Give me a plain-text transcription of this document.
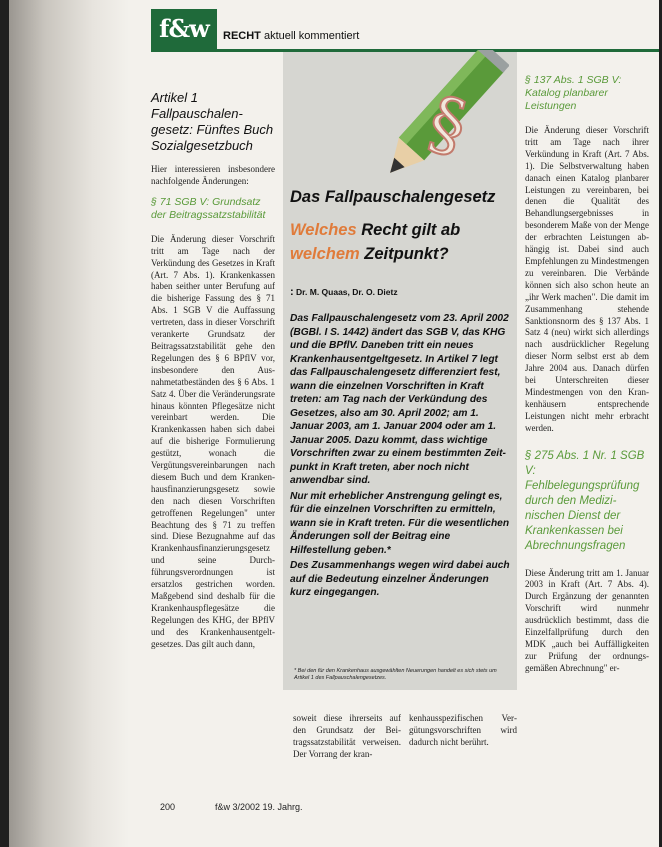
f&w	RECHT aktuell kommentiert
Artikel 1 Fallpauschalengesetz: Fünftes Buch Sozialgesetzbuch

Hier interessieren insbesondere nachfolgende Änderungen:

§ 71 SGB V: Grundsatz der Beitragssatzstabilität

Die Änderung dieser Vorschrift tritt am Tage nach der Verkündung des Gesetzes in Kraft (Art. 7 Abs. 1). Krankenkassen haben seither unter Berufung auf die bisherige Fassung des § 71 Abs. 1 SGB V die Auffassung vertreten, dass in dieser Vorschrift verankerte Grundsatz der Beitragssatzstabilität gehe den Regelungen des § 6 BPflV vor, insbesondere den Ausnahmetatbeständen des § 6 Abs. 1 Satz 4. Über die Veränderungsrate hinaus könnten Pflegesätze nicht vereinbart werden. Die Krankenkassen haben sich dabei auf die bisherige Formulierung gestützt, wonach die Vergütungsvereinbarungen nach diesem Buch und dem Krankenhausfinanzierungsgesetz sowie den nach diesen Vorschriften getroffenen Regelungen" unter Beachtung des § 71 zu treffen sind. Diese Bezugnahme auf das Krankenhausfinanzierungsgesetz und seine Durchführungsverordnungen ist ersatzlos gestrichen worden. Maßgebend sind deshalb für die Krankenhauspflegesätze die Regelungen des KHG, der BPflV und des Krankenhausentgeltgesetzes. Das gilt auch dann,

§
Das Fallpauschalengesetz
Welches Recht gilt ab
welchem Zeitpunkt?
: Dr. M. Quaas, Dr. O. Dietz

Das Fallpauschalengesetz vom 23. April 2002 (BGBl. I S. 1442) ändert das SGB V, das KHG und die BPflV. Daneben tritt ein neues Krankenhausentgeltgesetz. In Artikel 7 legt das Fallpauschalengesetz differenziert fest, wann die einzelnen Vorschriften in Kraft treten: am Tag nach der Verkündung des Gesetzes, also am 30. April 2002; am 1. Januar 2003, am 1. Januar 2004 oder am 1. Januar 2005. Dazu kommt, dass wichtige Vorschriften zwar zu einem bestimmten Zeitpunkt in Kraft treten, aber noch nicht anwendbar sind.

Nur mit erheblicher Anstrengung gelingt es, für die einzelnen Vorschriften zu ermitteln, wann sie in Kraft treten. Für die wesentlichen Änderungen soll der Beitrag eine Hilfestellung geben.*

Des Zusammenhangs wegen wird dabei auch auf die Bedeutung einzelner Änderungen kurz eingegangen.

* Bei den für den Krankenhaus ausgewählten Neuerungen handelt es sich stets um Artikel 1 des Fallpauschalengesetzes.

soweit diese ihrerseits auf den Grundsatz der Beitragssatzstabilität verweisen. Der Vorrang der kran-

kenhausspezifischen Vergütungsvorschriften wird dadurch nicht berührt.

§ 137 Abs. 1 SGB V: Katalog planbarer Leistungen

Die Änderung dieser Vorschrift tritt am Tage nach ihrer Verkündung in Kraft (Art. 7 Abs. 1). Die Selbstverwaltung haben danach einen Katalog planbarer Leistungen zu vereinbaren, bei denen die Qualität des Behandlungsergebnisses in besonderem Maße von der Menge der erbrachten Leistungen abhängig ist. Dabei sind auch Empfehlungen zu Mindestmengen zu vereinbaren. Die Verbände können sich also schon heute an „ihr Werk machen". Die damit im Zusammenhang stehende Sanktionsnorm des § 137 Abs. 1 Satz 4 (neu) wirkt sich allerdings nach ausdrücklicher Regelung dieser Norm selbst erst ab dem Jahre 2004 aus. Danach dürfen bei Unterschreiten dieser Mindestmengen von den Krankenhäusern entsprechende Leistungen nicht mehr erbracht werden.

§ 275 Abs. 1 Nr. 1 SGB V: Fehlbelegungsprüfung durch den Medizinischen Dienst der Krankenkassen bei Abrechnungsfragen

Diese Änderung tritt am 1. Januar 2003 in Kraft (Art. 7 Abs. 4). Durch Ergänzung der genannten Vorschrift wird nunmehr ausdrücklich bestimmt, dass die Einzelfallprüfung durch den MDK „auch bei Auffälligkeiten zur Prüfung der ordnungsgemäßen Abrechnung" er-

200	f&w 3/2002 19. Jahrg.
